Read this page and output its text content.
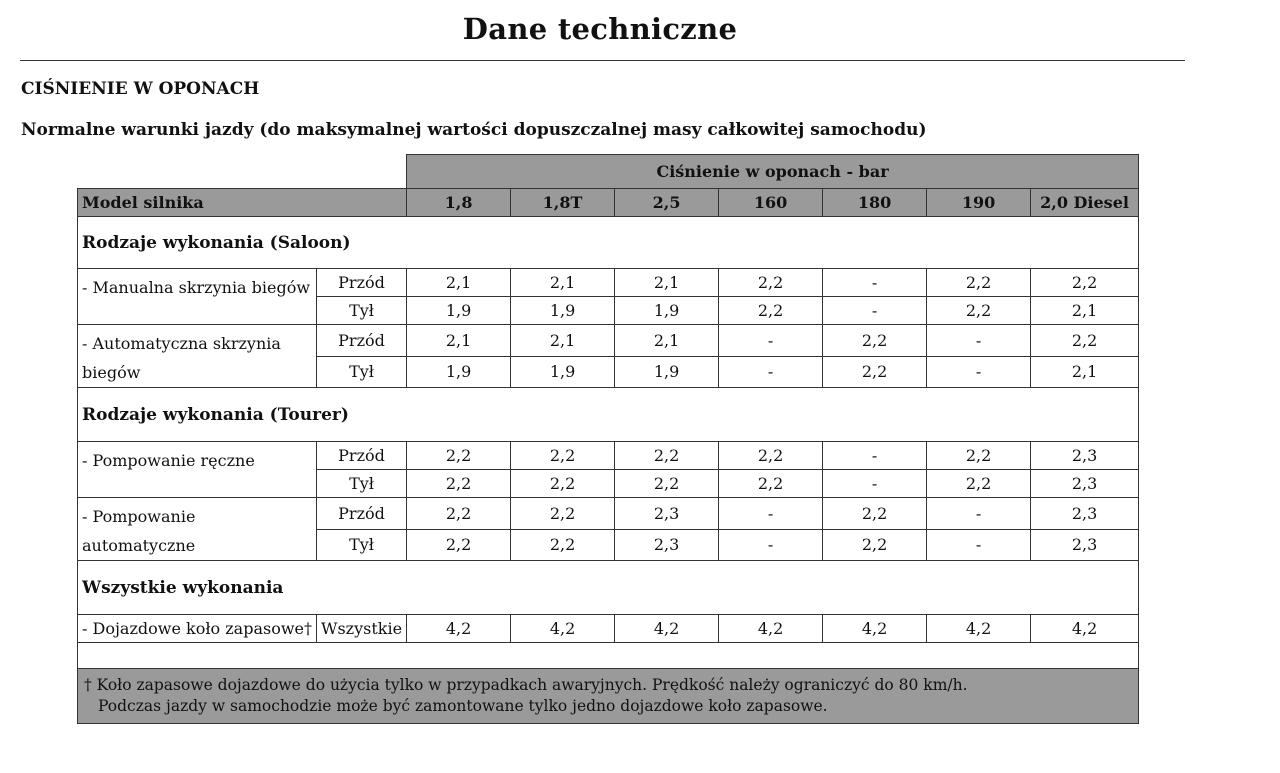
Dane techniczne
CIŚNIENIE W OPONACH
Normalne warunki jazdy (do maksymalnej wartości dopuszczalnej masy całkowitej samochodu)
		Ciśnienie w oponach - bar						
Model silnika		1,8	1,8T	2,5	160	180	190	2,0 Diesel
Rodzaje wykonania (Saloon)								
- Manualna skrzynia biegów	Przód	2,1	2,1	2,1	2,2	-	2,2	2,2
	Tył	1,9	1,9	1,9	2,2	-	2,2	2,1
- Automatyczna skrzynia biegów	Przód	2,1	2,1	2,1	-	2,2	-	2,2
	Tył	1,9	1,9	1,9	-	2,2	-	2,1
Rodzaje wykonania (Tourer)								
- Pompowanie ręczne	Przód	2,2	2,2	2,2	2,2	-	2,2	2,3
	Tył	2,2	2,2	2,2	2,2	-	2,2	2,3
- Pompowanie automatyczne	Przód	2,2	2,2	2,3	-	2,2	-	2,3
	Tył	2,2	2,2	2,3	-	2,2	-	2,3
Wszystkie wykonania								
- Dojazdowe koło zapasowe†	Wszystkie	4,2	4,2	4,2	4,2	4,2	4,2	4,2

† Koło zapasowe dojazdowe do użycia tylko w przypadkach awaryjnych. Prędkość należy ograniczyć do 80 km/h.
Podczas jazdy w samochodzie może być zamontowane tylko jedno dojazdowe koło zapasowe.								
